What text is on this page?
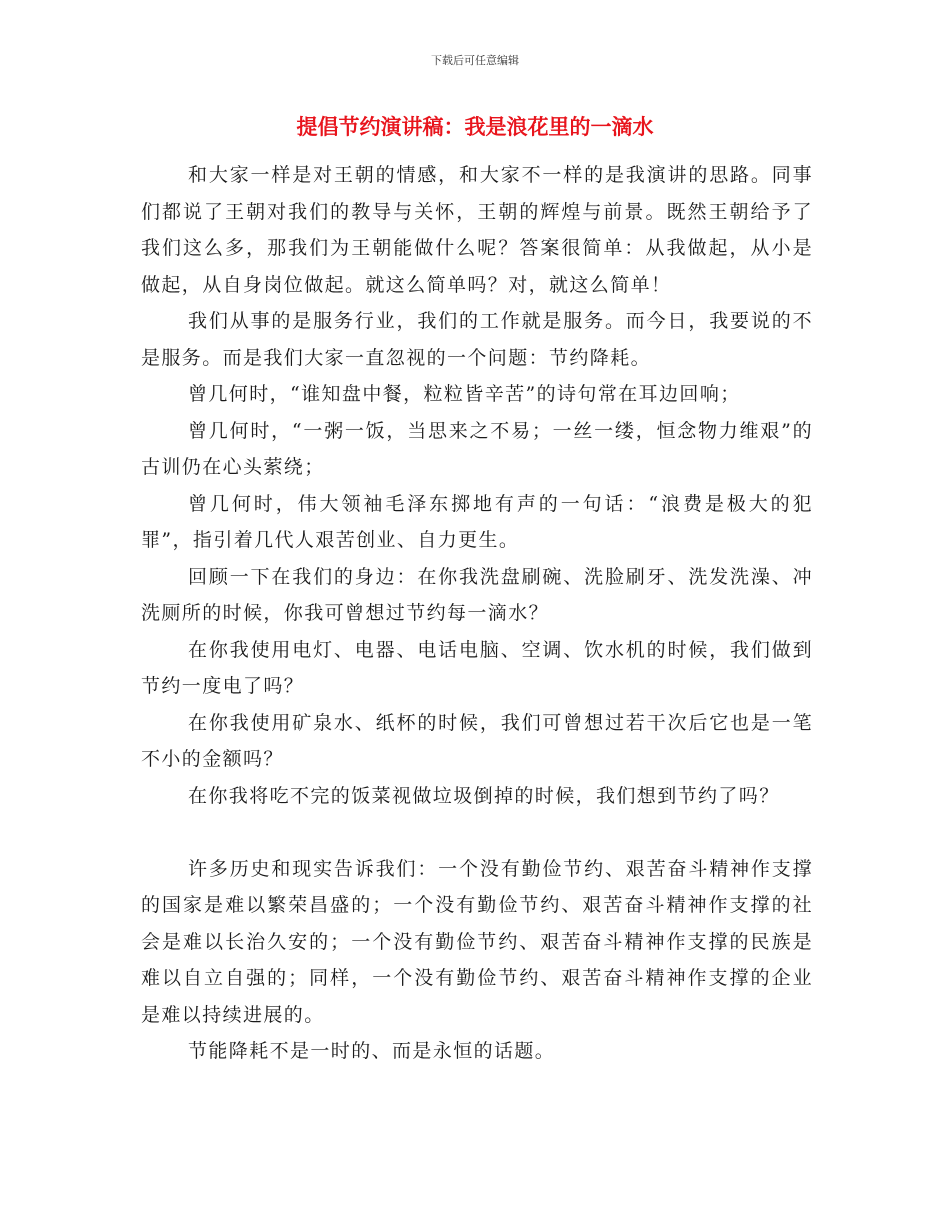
下载后可任意编辑
提倡节约演讲稿：我是浪花里的一滴水

和大家一样是对王朝的情感，和大家不一样的是我演讲的思路。同事们都说了王朝对我们的教导与关怀，王朝的辉煌与前景。既然王朝给予了我们这么多，那我们为王朝能做什么呢？答案很简单：从我做起，从小是做起，从自身岗位做起。就这么简单吗？对，就这么简单！

我们从事的是服务行业，我们的工作就是服务。而今日，我要说的不是服务。而是我们大家一直忽视的一个问题：节约降耗。

曾几何时，“谁知盘中餐，粒粒皆辛苦”的诗句常在耳边回响；

曾几何时，“一粥一饭，当思来之不易；一丝一缕，恒念物力维艰”的古训仍在心头萦绕；

曾几何时，伟大领袖毛泽东掷地有声的一句话：“浪费是极大的犯罪”，指引着几代人艰苦创业、自力更生。

回顾一下在我们的身边：在你我洗盘刷碗、洗脸刷牙、洗发洗澡、冲洗厕所的时候，你我可曾想过节约每一滴水？

在你我使用电灯、电器、电话电脑、空调、饮水机的时候，我们做到节约一度电了吗？

在你我使用矿泉水、纸杯的时候，我们可曾想过若干次后它也是一笔不小的金额吗？

在你我将吃不完的饭菜视做垃圾倒掉的时候，我们想到节约了吗？

许多历史和现实告诉我们：一个没有勤俭节约、艰苦奋斗精神作支撑的国家是难以繁荣昌盛的；一个没有勤俭节约、艰苦奋斗精神作支撑的社会是难以长治久安的；一个没有勤俭节约、艰苦奋斗精神作支撑的民族是难以自立自强的；同样，一个没有勤俭节约、艰苦奋斗精神作支撑的企业是难以持续进展的。

节能降耗不是一时的、而是永恒的话题。
